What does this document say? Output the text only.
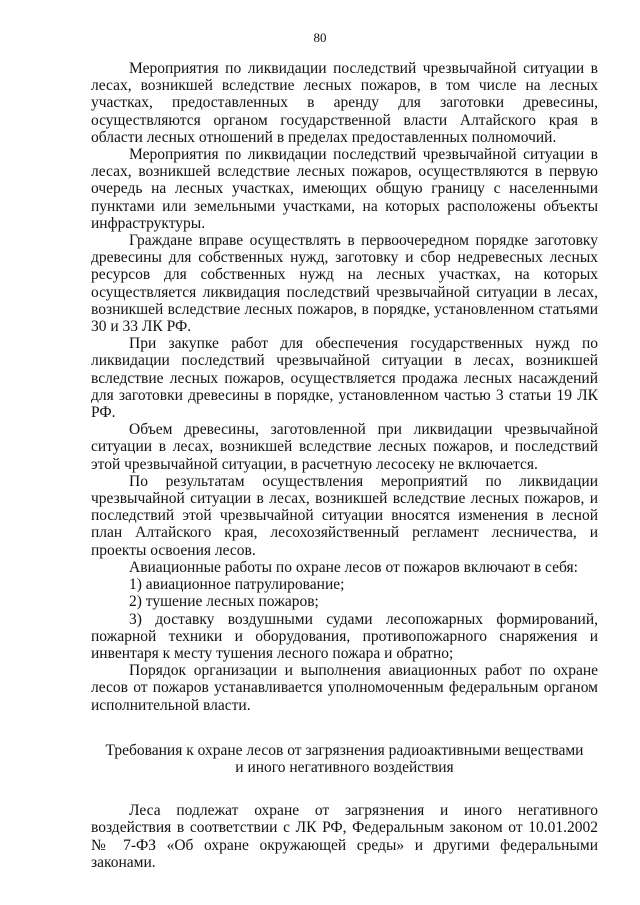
80

Мероприятия по ликвидации последствий чрезвычайной ситуации в лесах, возникшей вследствие лесных пожаров, в том числе на лесных участках, предоставленных в аренду для заготовки древесины, осуществляются органом государственной власти Алтайского края в области лесных отношений в пределах предоставленных полномочий.

Мероприятия по ликвидации последствий чрезвычайной ситуации в лесах, возникшей вследствие лесных пожаров, осуществляются в первую очередь на лесных участках, имеющих общую границу с населенными пунктами или земельными участками, на которых расположены объекты инфраструктуры.

Граждане вправе осуществлять в первоочередном порядке заготовку древесины для собственных нужд, заготовку и сбор недревесных лесных ресурсов для собственных нужд на лесных участках, на которых осуществляется ликвидация последствий чрезвычайной ситуации в лесах, возникшей вследствие лесных пожаров, в порядке, установленном статьями 30 и 33 ЛК РФ.

При закупке работ для обеспечения государственных нужд по ликвидации последствий чрезвычайной ситуации в лесах, возникшей вследствие лесных пожаров, осуществляется продажа лесных насаждений для заготовки древесины в порядке, установленном частью 3 статьи 19 ЛК РФ.

Объем древесины, заготовленной при ликвидации чрезвычайной ситуации в лесах, возникшей вследствие лесных пожаров, и последствий этой чрезвычайной ситуации, в расчетную лесосеку не включается.

По результатам осуществления мероприятий по ликвидации чрезвычайной ситуации в лесах, возникшей вследствие лесных пожаров, и последствий этой чрезвычайной ситуации вносятся изменения в лесной план Алтайского края, лесохозяйственный регламент лесничества, и проекты освоения лесов.

Авиационные работы по охране лесов от пожаров включают в себя:

1) авиационное патрулирование;

2) тушение лесных пожаров;

3) доставку воздушными судами лесопожарных формирований, пожарной техники и оборудования, противопожарного снаряжения и инвентаря к месту тушения лесного пожара и обратно;

Порядок организации и выполнения авиационных работ по охране лесов от пожаров устанавливается уполномоченным федеральным органом исполнительной власти.

Требования к охране лесов от загрязнения радиоактивными веществами
и иного негативного воздействия

Леса подлежат охране от загрязнения и иного негативного воздействия в соответствии с ЛК РФ, Федеральным законом от 10.01.2002 № 7-ФЗ «Об охране окружающей среды» и другими федеральными законами.
